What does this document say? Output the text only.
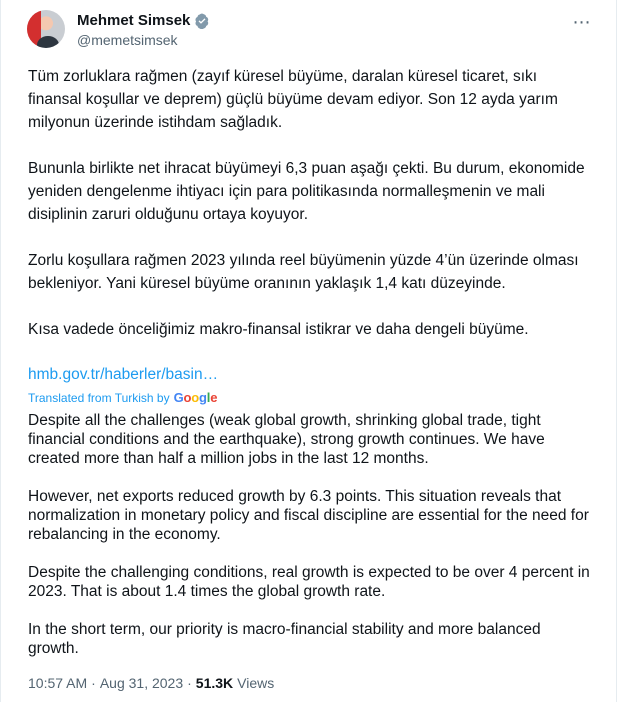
Mehmet Simsek
@memetsimsek
⋯

Tüm zorluklara rağmen (zayıf küresel büyüme, daralan küresel ticaret, sıkı finansal koşullar ve deprem) güçlü büyüme devam ediyor. Son 12 ayda yarım milyonun üzerinde istihdam sağladık.

Bununla birlikte net ihracat büyümeyi 6,3 puan aşağı çekti. Bu durum, ekonomide yeniden dengelenme ihtiyacı için para politikasında normalleşmenin ve mali disiplinin zaruri olduğunu ortaya koyuyor.

Zorlu koşullara rağmen 2023 yılında reel büyümenin yüzde 4’ün üzerinde olması bekleniyor. Yani küresel büyüme oranının yaklaşık 1,4 katı düzeyinde.

Kısa vadede önceliğimiz makro-finansal istikrar ve daha dengeli büyüme.

hmb.gov.tr/haberler/basin…
Translated from Turkish by Google

Despite all the challenges (weak global growth, shrinking global trade, tight financial conditions and the earthquake), strong growth continues. We have created more than half a million jobs in the last 12 months.

However, net exports reduced growth by 6.3 points. This situation reveals that normalization in monetary policy and fiscal discipline are essential for the need for rebalancing in the economy.

Despite the challenging conditions, real growth is expected to be over 4 percent in 2023. That is about 1.4 times the global growth rate.

In the short term, our priority is macro-financial stability and more balanced growth.

10:57 AM · Aug 31, 2023 · 51.3K Views
